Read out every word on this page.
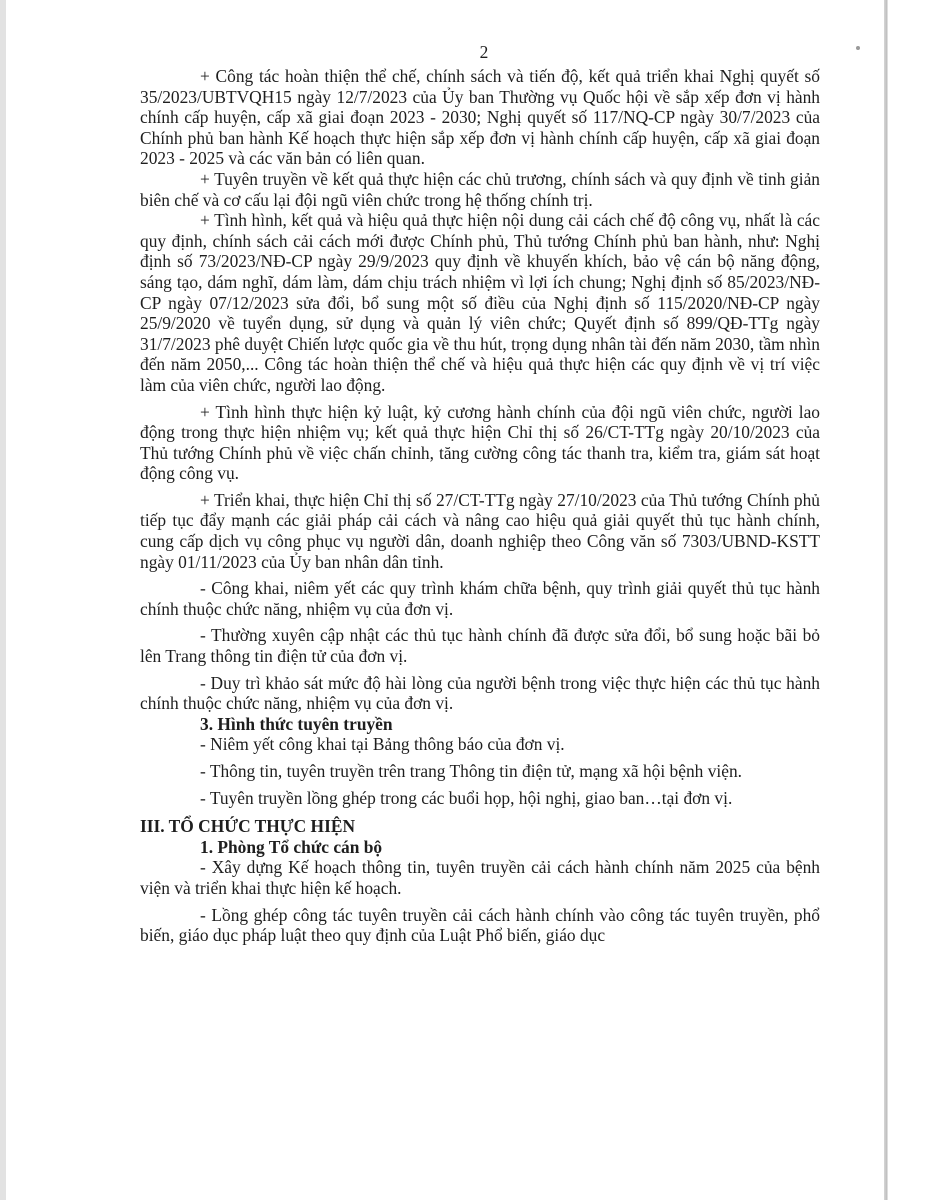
2

+ Công tác hoàn thiện thể chế, chính sách và tiến độ, kết quả triển khai Nghị quyết số 35/2023/UBTVQH15 ngày 12/7/2023 của Ủy ban Thường vụ Quốc hội về sắp xếp đơn vị hành chính cấp huyện, cấp xã giai đoạn 2023 - 2030; Nghị quyết số 117/NQ-CP ngày 30/7/2023 của Chính phủ ban hành Kế hoạch thực hiện sắp xếp đơn vị hành chính cấp huyện, cấp xã giai đoạn 2023 - 2025 và các văn bản có liên quan.

+ Tuyên truyền về kết quả thực hiện các chủ trương, chính sách và quy định về tinh giản biên chế và cơ cấu lại đội ngũ viên chức trong hệ thống chính trị.

+ Tình hình, kết quả và hiệu quả thực hiện nội dung cải cách chế độ công vụ, nhất là các quy định, chính sách cải cách mới được Chính phủ, Thủ tướng Chính phủ ban hành, như: Nghị định số 73/2023/NĐ-CP ngày 29/9/2023 quy định về khuyến khích, bảo vệ cán bộ năng động, sáng tạo, dám nghĩ, dám làm, dám chịu trách nhiệm vì lợi ích chung; Nghị định số 85/2023/NĐ-CP ngày 07/12/2023 sửa đổi, bổ sung một số điều của Nghị định số 115/2020/NĐ-CP ngày 25/9/2020 về tuyển dụng, sử dụng và quản lý viên chức; Quyết định số 899/QĐ-TTg ngày 31/7/2023 phê duyệt Chiến lược quốc gia về thu hút, trọng dụng nhân tài đến năm 2030, tầm nhìn đến năm 2050,... Công tác hoàn thiện thể chế và hiệu quả thực hiện các quy định về vị trí việc làm của viên chức, người lao động.

+ Tình hình thực hiện kỷ luật, kỷ cương hành chính của đội ngũ viên chức, người lao động trong thực hiện nhiệm vụ; kết quả thực hiện Chỉ thị số 26/CT-TTg ngày 20/10/2023 của Thủ tướng Chính phủ về việc chấn chỉnh, tăng cường công tác thanh tra, kiểm tra, giám sát hoạt động công vụ.

+ Triển khai, thực hiện Chỉ thị số 27/CT-TTg ngày 27/10/2023 của Thủ tướng Chính phủ tiếp tục đẩy mạnh các giải pháp cải cách và nâng cao hiệu quả giải quyết thủ tục hành chính, cung cấp dịch vụ công phục vụ người dân, doanh nghiệp theo Công văn số 7303/UBND-KSTT ngày 01/11/2023 của Ủy ban nhân dân tỉnh.

- Công khai, niêm yết các quy trình khám chữa bệnh, quy trình giải quyết thủ tục hành chính thuộc chức năng, nhiệm vụ của đơn vị.

- Thường xuyên cập nhật các thủ tục hành chính đã được sửa đổi, bổ sung hoặc bãi bỏ lên Trang thông tin điện tử của đơn vị.

- Duy trì khảo sát mức độ hài lòng của người bệnh trong việc thực hiện các thủ tục hành chính thuộc chức năng, nhiệm vụ của đơn vị.

3. Hình thức tuyên truyền

- Niêm yết công khai tại Bảng thông báo của đơn vị.

- Thông tin, tuyên truyền trên trang Thông tin điện tử, mạng xã hội bệnh viện.

- Tuyên truyền lồng ghép trong các buổi họp, hội nghị, giao ban…tại đơn vị.

III. TỔ CHỨC THỰC HIỆN

1. Phòng Tổ chức cán bộ

- Xây dựng Kế hoạch thông tin, tuyên truyền cải cách hành chính năm 2025 của bệnh viện và triển khai thực hiện kế hoạch.

- Lồng ghép công tác tuyên truyền cải cách hành chính vào công tác tuyên truyền, phổ biến, giáo dục pháp luật theo quy định của Luật Phổ biến, giáo dục
